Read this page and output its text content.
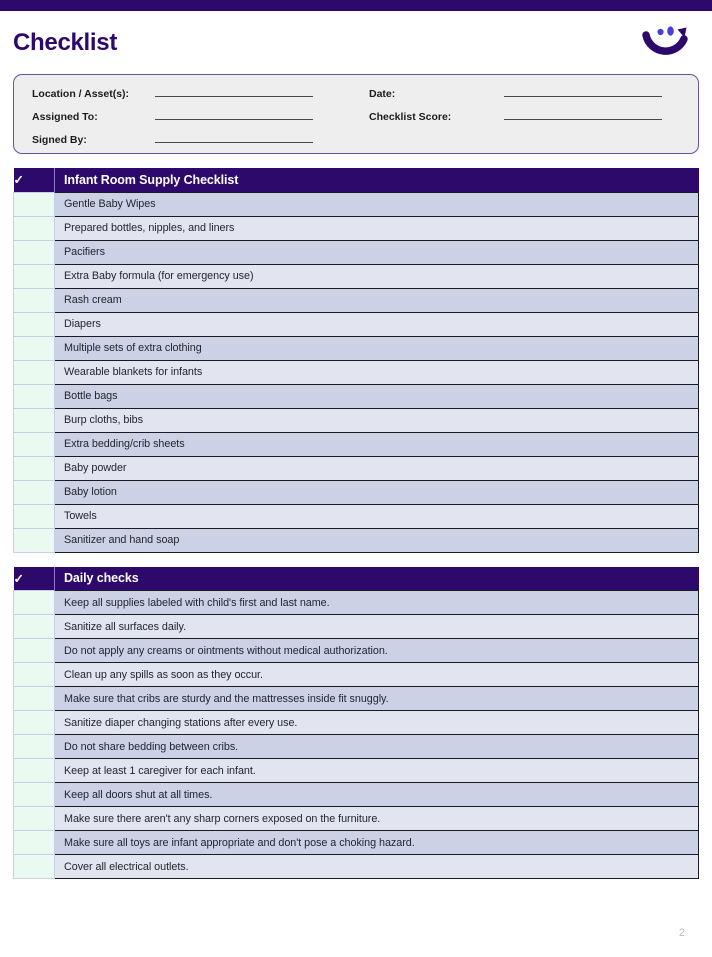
Checklist
Location / Asset(s):
Assigned To:
Signed By:
Date:
Checklist Score:
✓	Infant Room Supply Checklist
	Gentle Baby Wipes
	Prepared bottles, nipples, and liners
	Pacifiers
	Extra Baby formula (for emergency use)
	Rash cream
	Diapers
	Multiple sets of extra clothing
	Wearable blankets for infants
	Bottle bags
	Burp cloths, bibs
	Extra bedding/crib sheets
	Baby powder
	Baby lotion
	Towels
	Sanitizer and hand soap
✓	Daily checks
	Keep all supplies labeled with child's first and last name.
	Sanitize all surfaces daily.
	Do not apply any creams or ointments without medical authorization.
	Clean up any spills as soon as they occur.
	Make sure that cribs are sturdy and the mattresses inside fit snuggly.
	Sanitize diaper changing stations after every use.
	Do not share bedding between cribs.
	Keep at least 1 caregiver for each infant.
	Keep all doors shut at all times.
	Make sure there aren't any sharp corners exposed on the furniture.
	Make sure all toys are infant appropriate and don't pose a choking hazard.
	Cover all electrical outlets.
2
